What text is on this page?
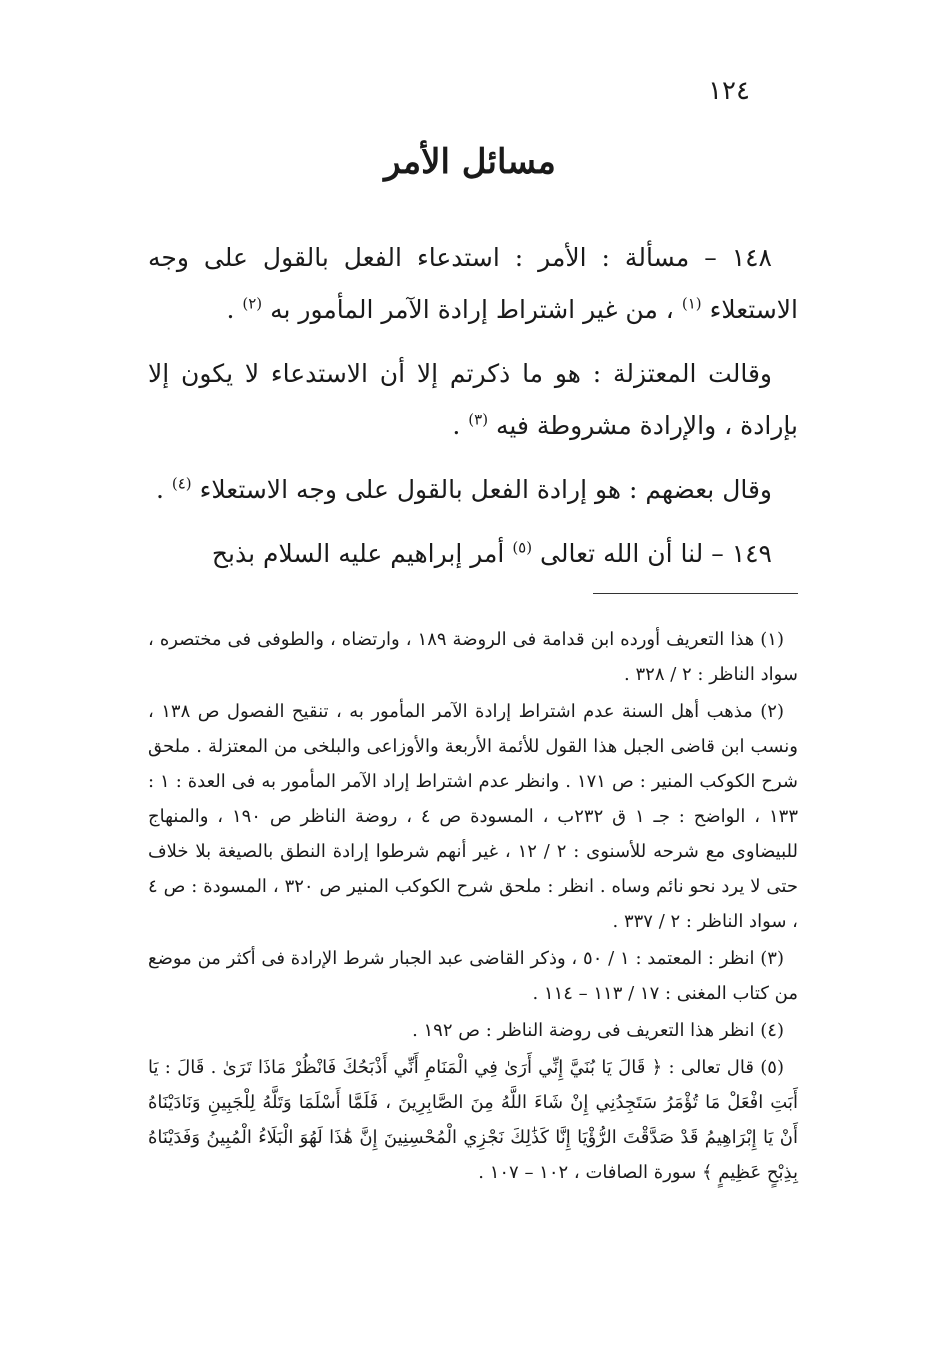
١٢٤
مسائل الأمر

١٤٨ – مسألة : الأمر : استدعاء الفعل بالقول على وجه الاستعلاء $^{(١)}$ ، من غير اشتراط إرادة الآمر المأمور به $^{(٢)}$ .

وقالت المعتزلة : هو ما ذكرتم إلا أن الاستدعاء لا يكون إلا بإرادة ، والإرادة مشروطة فيه $^{(٣)}$ .

وقال بعضهم : هو إرادة الفعل بالقول على وجه الاستعلاء $^{(٤)}$ .

١٤٩ – لنا أن الله تعالى $^{(٥)}$ أمر إبراهيم عليه السلام بذبح

(١) هذا التعريف أورده ابن قدامة فى الروضة ١٨٩ ، وارتضاه ، والطوفى فى مختصره ، سواد الناظر : ٢ / ٣٢٨ .

(٢) مذهب أهل السنة عدم اشتراط إرادة الآمر المأمور به ، تنقيح الفصول ص ١٣٨ ، ونسب ابن قاضى الجبل هذا القول للأئمة الأربعة والأوزاعى والبلخى من المعتزلة . ملحق شرح الكوكب المنير : ص ١٧١ . وانظر عدم اشتراط إراد الآمر المأمور به فى العدة : ١ : ١٣٣ ، الواضح : جـ ١ ق ٢٣٢ب ، المسودة ص ٤ ، روضة الناظر ص ١٩٠ ، والمنهاج للبيضاوى مع شرحه للأسنوى : ٢ / ١٢ ، غير أنهم شرطوا إرادة النطق بالصيغة بلا خلاف حتى لا يرد نحو نائم وساه . انظر : ملحق شرح الكوكب المنير ص ٣٢٠ ، المسودة : ص ٤ ، سواد الناظر : ٢ / ٣٣٧ .

(٣) انظر : المعتمد : ١ / ٥٠ ، وذكر القاضى عبد الجبار شرط الإرادة فى أكثر من موضع من كتاب المغنى : ١٧ / ١١٣ – ١١٤ .

(٤) انظر هذا التعريف فى روضة الناظر : ص ١٩٢ .

(٥) قال تعالى : ﴿ قَالَ يَا بُنَيَّ إِنِّي أَرَىٰ فِي الْمَنَامِ أَنِّي أَذْبَحُكَ فَانْظُرْ مَاذَا تَرَىٰ . قَالَ : يَا أَبَتِ افْعَلْ مَا تُؤْمَرُ سَتَجِدُنِي إِنْ شَاءَ اللَّهُ مِنَ الصَّابِرِينَ ، فَلَمَّا أَسْلَمَا وَتَلَّهُ لِلْجَبِينِ وَنَادَيْنَاهُ أَنْ يَا إِبْرَاهِيمُ قَدْ صَدَّقْتَ الرُّؤْيَا إِنَّا كَذَٰلِكَ نَجْزِي الْمُحْسِنِينَ إِنَّ هَٰذَا لَهُوَ الْبَلَاءُ الْمُبِينُ وَفَدَيْنَاهُ بِذِبْحٍ عَظِيمٍ ﴾ سورة الصافات ، ١٠٢ – ١٠٧ .
